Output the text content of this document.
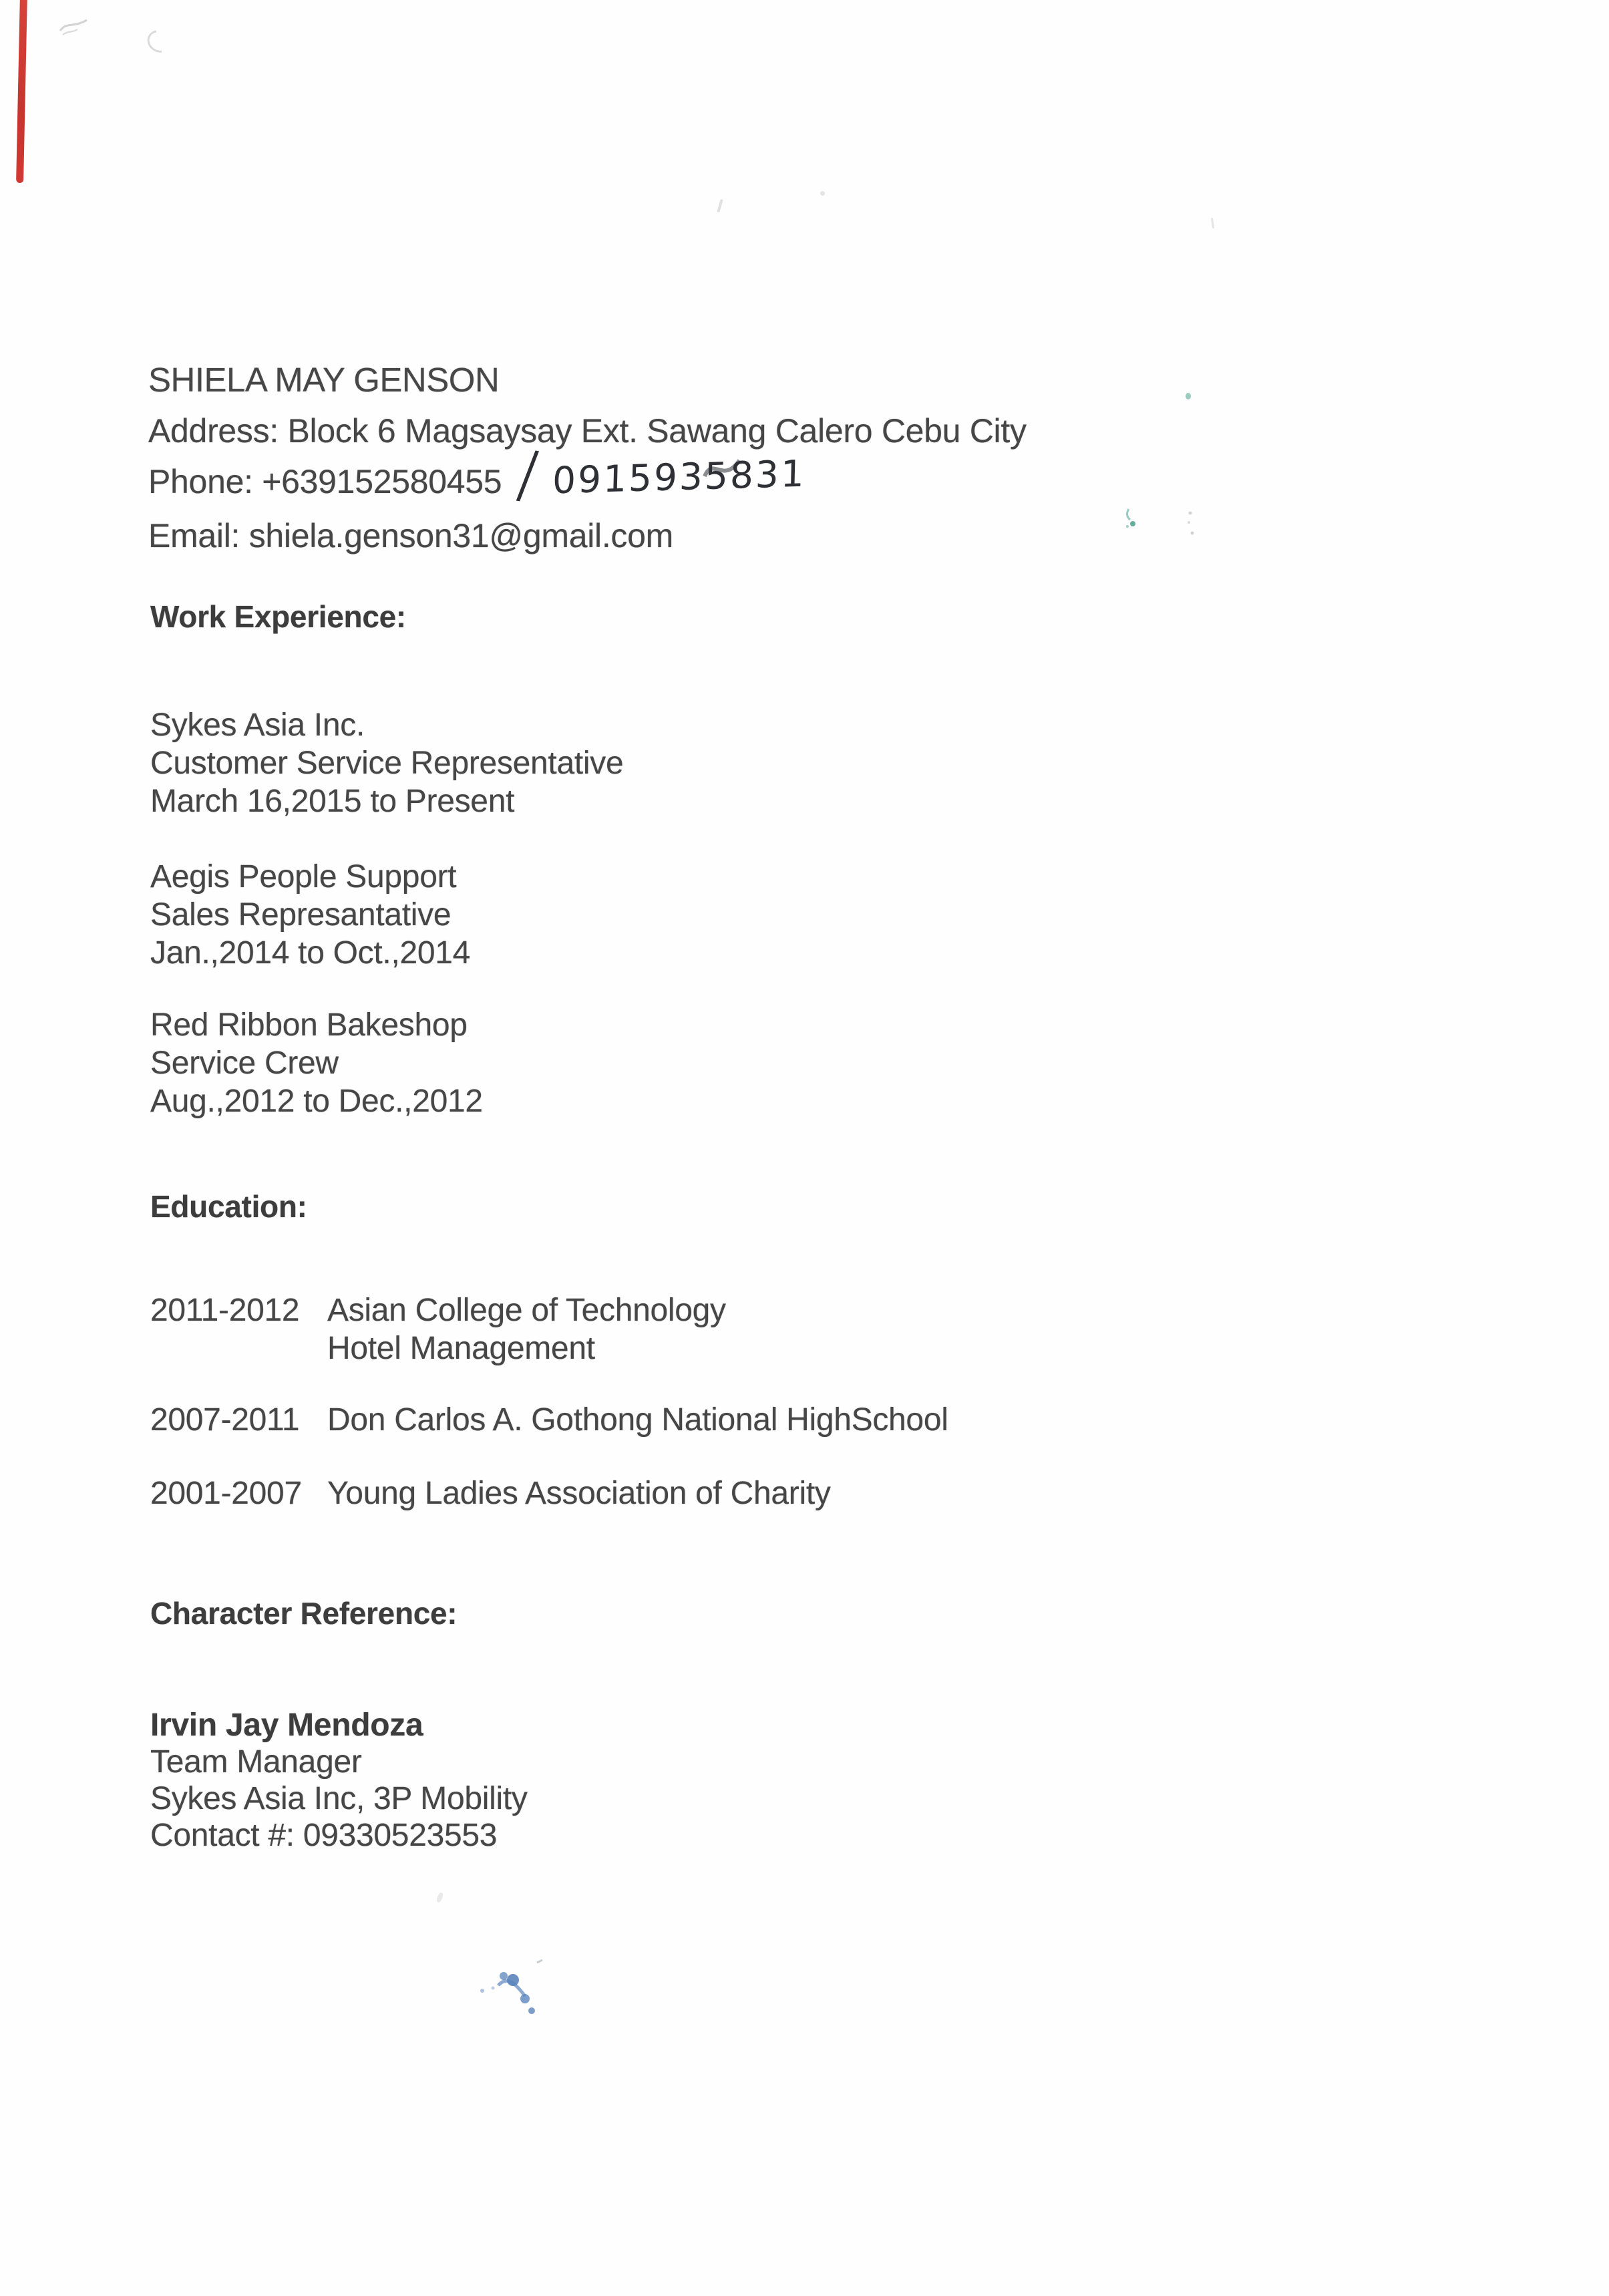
SHIELA MAY GENSON
Address: Block 6 Magsaysay Ext. Sawang Calero Cebu City
Phone: +639152580455 / 0915935831
Email: shiela.genson31@gmail.com
Work Experience:
Sykes Asia Inc.
Customer Service Representative
March 16,2015 to Present
Aegis People Support
Sales Represantative
Jan.,2014 to Oct.,2014
Red Ribbon Bakeshop
Service Crew
Aug.,2012 to Dec.,2012
Education:
2011-2012 Asian College of Technology
Hotel Management
2007-2011 Don Carlos A. Gothong National HighSchool
2001-2007 Young Ladies Association of Charity
Character Reference:
Irvin Jay Mendoza
Team Manager
Sykes Asia Inc, 3P Mobility
Contact #: 09330523553
